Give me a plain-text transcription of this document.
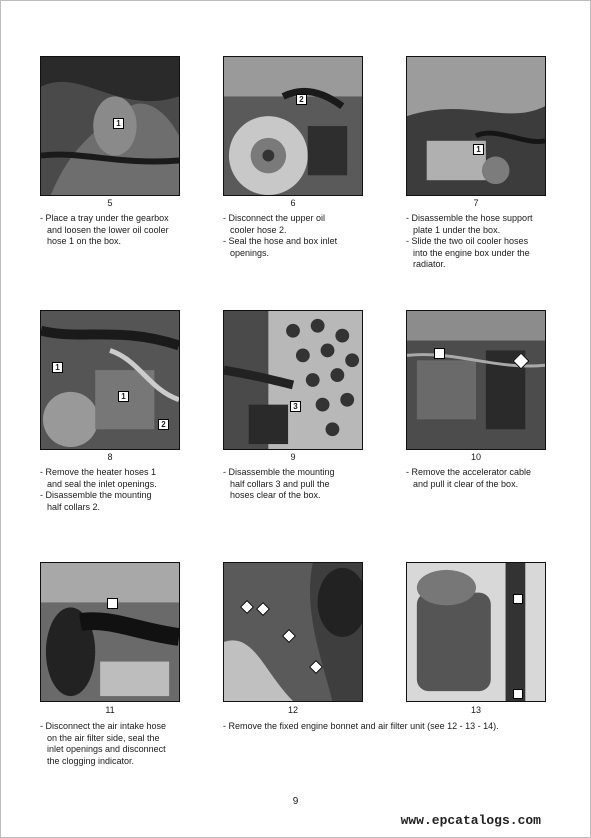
1
5
- Place a tray under the gearbox
and loosen the lower oil cooler
hose 1 on the box.
2
6
- Disconnect the upper oil
cooler hose 2.
- Seal the hose and box inlet
openings.
1
7
- Disassemble the hose support
plate 1 under the box.
- Slide the two oil cooler hoses
into the engine box under the
radiator.
1
1
2
8
- Remove the heater hoses 1
and seal the inlet openings.
- Disassemble the mounting
half collars 2.
3
9
- Disassemble the mounting
half collars 3 and pull the
hoses clear of the box.
10
- Remove the accelerator cable
and pull it clear of the box.
11
- Disconnect the air intake hose
on the air filter side, seal the
inlet openings and disconnect
the clogging indicator.
12	13
- Remove the fixed engine bonnet and air filter unit (see 12 - 13 - 14).
9
www.epcatalogs.com
